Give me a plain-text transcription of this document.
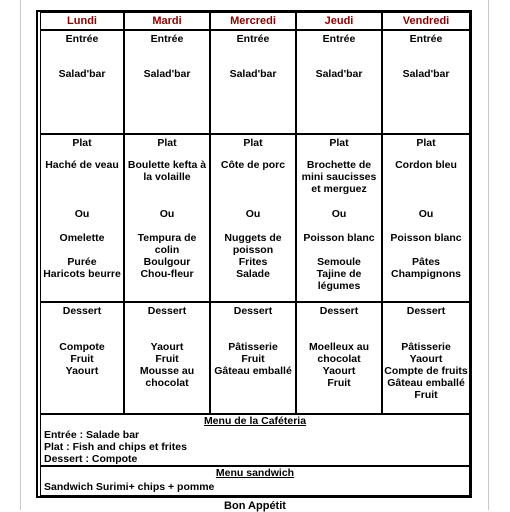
Lundi
Entrée
Salad'bar
Plat
Haché de veau
Ou
Omelette
Purée
Haricots beurre
Dessert
Compote
Fruit
Yaourt
Mardi
Entrée
Salad'bar
Plat
Boulette kefta à
la volaille
Ou
Tempura de
colin
Boulgour
Chou-fleur
Dessert
Yaourt
Fruit
Mousse au
chocolat
Mercredi
Entrée
Salad'bar
Plat
Côte de porc
Ou
Nuggets de
poisson
Frites
Salade
Dessert
Pâtisserie
Fruit
Gâteau emballé
Jeudi
Entrée
Salad'bar
Plat
Brochette de
mini saucisses
et merguez
Ou
Poisson blanc
Semoule
Tajine de
légumes
Dessert
Moelleux au
chocolat
Yaourt
Fruit
Vendredi
Entrée
Salad'bar
Plat
Cordon bleu
Ou
Poisson blanc
Pâtes
Champignons
Dessert
Pâtisserie
Yaourt
Compte de fruits
Gâteau emballé
Fruit
Menu de la Caféteria
Entrée : Salade bar
Plat : Fish and chips et frites
Dessert : Compote
Menu sandwich
Sandwich Surimi+ chips + pomme
Bon Appétit
